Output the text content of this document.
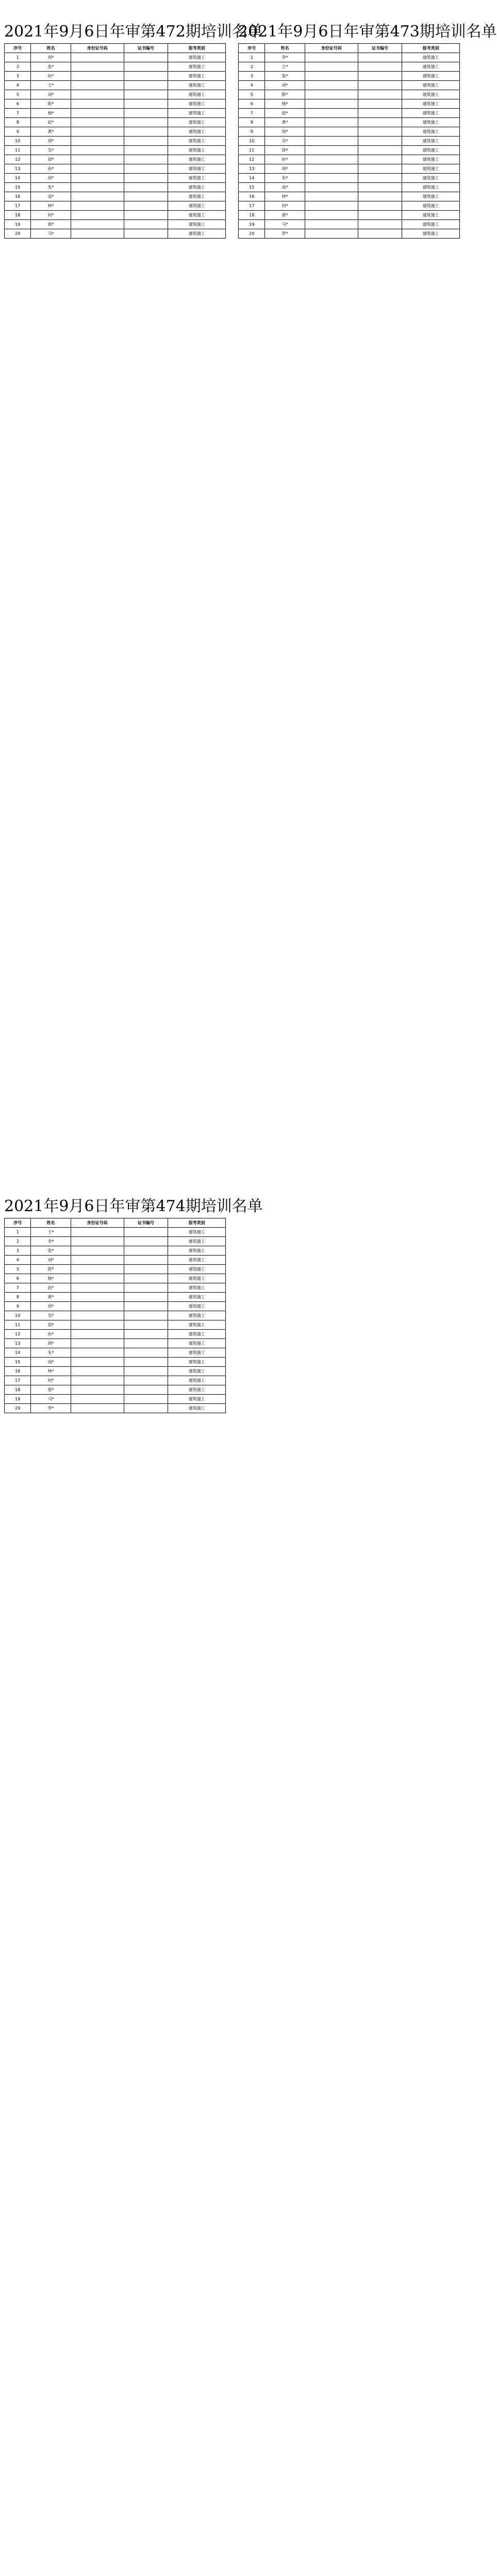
2021年9月6日年审第472期培训名单
序号	姓名	身份证号码	证书编号	报考类别
1	周*			建筑施工
2	张*			建筑施工
3	孙*			建筑施工
4	王*			建筑施工
5	刘*			建筑施工
6	陈*			建筑施工
7	杨*			建筑施工
8	赵*			建筑施工
9	黄*			建筑施工
10	周*			建筑施工
11	吴*			建筑施工
12	徐*			建筑施工
13	孙*			建筑施工
14	胡*			建筑施工
15	朱*			建筑施工
16	高*			建筑施工
17	林*			建筑施工
18	何*			建筑施工
19	郭*			建筑施工
20	马*			建筑施工
2021年9月6日年审第473期培训名单
序号	姓名	身份证号码	证书编号	报考类别
1	李*			建筑施工
2	王*			建筑施工
3	张*			建筑施工
4	刘*			建筑施工
5	陈*			建筑施工
6	杨*			建筑施工
7	赵*			建筑施工
8	黄*			建筑施工
9	周*			建筑施工
10	吴*			建筑施工
11	徐*			建筑施工
12	孙*			建筑施工
13	胡*			建筑施工
14	朱*			建筑施工
15	高*			建筑施工
16	林*			建筑施工
17	何*			建筑施工
18	郭*			建筑施工
19	马*			建筑施工
20	罗*			建筑施工
2021年9月6日年审第474期培训名单
序号	姓名	身份证号码	证书编号	报考类别
1	王*			建筑施工
2	李*			建筑施工
3	张*			建筑施工
4	刘*			建筑施工
5	陈*			建筑施工
6	杨*			建筑施工
7	赵*			建筑施工
8	黄*			建筑施工
9	周*			建筑施工
10	吴*			建筑施工
11	徐*			建筑施工
12	孙*			建筑施工
13	胡*			建筑施工
14	朱*			建筑施工
15	高*			建筑施工
16	林*			建筑施工
17	何*			建筑施工
18	郭*			建筑施工
19	马*			建筑施工
20	罗*			建筑施工
